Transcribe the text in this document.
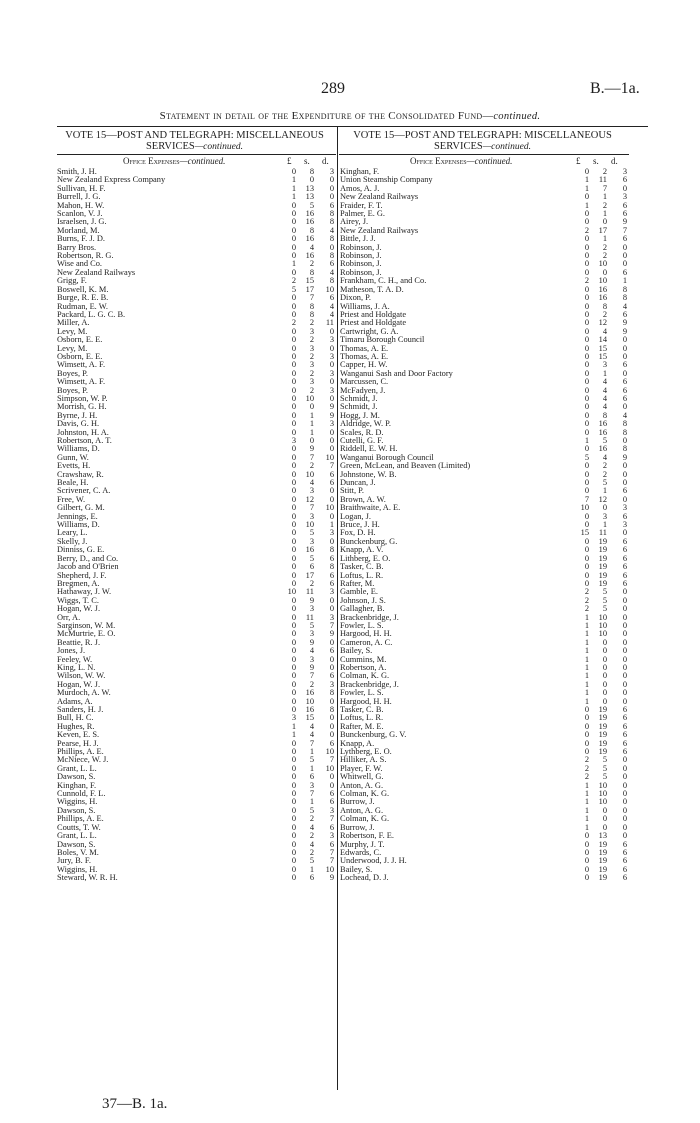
289	B.—1a.
Statement in detail of the Expenditure of the Consolidated Fund—continued.
VOTE 15—POST AND TELEGRAPH: MISCELLANEOUS
SERVICES—continued.
VOTE 15—POST AND TELEGRAPH: MISCELLANEOUS
SERVICES—continued.
Office Expenses—continued.	Office Expenses—continued.
£ s. d.	£ s. d.
Smith, J. H.	0	8	3
New Zealand Express Company	1	0	0
Sullivan, H. F.	1	13	0
Burrell, J. G.	1	13	0
Mahon, H. W.	0	5	6
Scanlon, V. J.	0	16	8
Israelsen, J. G.	0	16	8
Morland, M.	0	8	4
Burns, F. J. D.	0	16	8
Barry Bros.	0	4	0
Robertson, R. G.	0	16	8
Wise and Co.	1	2	6
New Zealand Railways	0	8	4
Grigg, F.	2	15	8
Boswell, K. M.	5	17	10
Burge, R. E. B.	0	7	6
Rudman, E. W.	0	8	4
Packard, L. G. C. B.	0	8	4
Miller, A.	2	2	11
Levy, M.	0	3	0
Osborn, E. E.	0	2	3
Levy, M.	0	3	0
Osborn, E. E.	0	2	3
Wimsett, A. F.	0	3	0
Boyes, P.	0	2	3
Wimsett, A. F.	0	3	0
Boyes, P.	0	2	3
Simpson, W. P.	0	10	0
Morrish, G. H.	0	0	9
Byrne, J. H.	0	1	9
Davis, G. H.	0	1	3
Johnston, H. A.	0	1	0
Robertson, A. T.	3	0	0
Williams, D.	0	9	0
Gunn, W.	0	7	10
Evetts, H.	0	2	7
Crawshaw, R.	0	10	6
Beale, H.	0	4	6
Scrivener, C. A.	0	3	0
Free, W.	0	12	0
Gilbert, G. M.	0	7	10
Jennings, E.	0	3	0
Williams, D.	0	10	1
Leary, L.	0	5	3
Skelly, J.	0	3	0
Dinniss, G. E.	0	16	8
Berry, D., and Co.	0	5	6
Jacob and O'Brien	0	6	8
Shepherd, J. F.	0	17	6
Bregmen, A.	0	2	6
Hathaway, J. W.	10	11	3
Wiggs, T. C.	0	9	0
Hogan, W. J.	0	3	0
Orr, A.	0	11	3
Sarginson, W. M.	0	5	7
McMurtrie, E. O.	0	3	9
Beattie, R. J.	0	9	0
Jones, J.	0	4	6
Feeley, W.	0	3	0
King, L. N.	0	9	0
Wilson, W. W.	0	7	6
Hogan, W. J.	0	2	3
Murdoch, A. W.	0	16	8
Adams, A.	0	10	0
Sanders, H. J.	0	16	8
Bull, H. C.	3	15	0
Hughes, R.	1	4	0
Keven, E. S.	1	4	0
Pearse, H. J.	0	7	6
Phillips, A. E.	0	1	10
McNiece, W. J.	0	5	7
Grant, L. L.	0	1	10
Dawson, S.	0	6	0
Kinghan, F.	0	3	0
Cunnold, F. L.	0	7	6
Wiggins, H.	0	1	6
Dawson, S.	0	5	3
Phillips, A. E.	0	2	7
Coutts, T. W.	0	4	6
Grant, L. L.	0	2	3
Dawson, S.	0	4	6
Boles, V. M.	0	2	7
Jury, B. F.	0	5	7
Wiggins, H.	0	1	10
Steward, W. R. H.	0	6	9
Kinghan, F.	0	2	3
Union Steamship Company	1	11	6
Amos, A. J.	1	7	0
New Zealand Railways	0	1	3
Fraider, F. T.	1	2	6
Palmer, E. G.	0	1	6
Airey, J.	0	0	9
New Zealand Railways	2	17	7
Bittle, J. J.	0	1	6
Robinson, J.	0	2	0
Robinson, J.	0	2	0
Robinson, J.	0	10	0
Robinson, J.	0	0	6
Frankham, C. H., and Co.	2	10	1
Matheson, T. A. D.	0	16	8
Dixon, P.	0	16	8
Williams, J. A.	0	8	4
Priest and Holdgate	0	2	6
Priest and Holdgate	0	12	9
Cartwright, G. A.	0	4	9
Timaru Borough Council	0	14	0
Thomas, A. E.	0	15	0
Thomas, A. E.	0	15	0
Capper, H. W.	0	3	6
Wanganui Sash and Door Factory	0	1	0
Marcussen, C.	0	4	6
McFadyen, J.	0	4	6
Schmidt, J.	0	4	6
Schmidt, J.	0	4	0
Hogg, J. M.	0	8	4
Aldridge, W. P.	0	16	8
Scales, R. D.	0	16	8
Cutelli, G. F.	1	5	0
Riddell, E. W. H.	0	16	8
Wanganui Borough Council	5	4	9
Green, McLean, and Beaven (Limited)	0	2	0
Johnstone, W. B.	0	2	0
Duncan, J.	0	5	0
Stitt, P.	0	1	6
Brown, A. W.	7	12	0
Braithwaite, A. E.	10	0	3
Logan, J.	0	3	6
Bruce, J. H.	0	1	3
Fox, D. H.	15	11	0
Bunckenburg, G.	0	19	6
Knapp, A. V.	0	19	6
Lithberg, E. O.	0	19	6
Tasker, C. B.	0	19	6
Loftus, L. R.	0	19	6
Rafter, M.	0	19	6
Gamble, E.	2	5	0
Johnson, J. S.	2	5	0
Gallagher, B.	2	5	0
Brackenbridge, J.	1	10	0
Fowler, L. S.	1	10	0
Hargood, H. H.	1	10	0
Cameron, A. C.	1	0	0
Bailey, S.	1	0	0
Cummins, M.	1	0	0
Robertson, A.	1	0	0
Colman, K. G.	1	0	0
Brackenbridge, J.	1	0	0
Fowler, L. S.	1	0	0
Hargood, H. H.	1	0	0
Tasker, C. B.	0	19	6
Loftus, L. R.	0	19	6
Rafter, M. E.	0	19	6
Bunckenburg, G. V.	0	19	6
Knapp, A.	0	19	6
Lythberg, E. O.	0	19	6
Hilliker, A. S.	2	5	0
Player, F. W.	2	5	0
Whitwell, G.	2	5	0
Anton, A. G.	1	10	0
Colman, K. G.	1	10	0
Burrow, J.	1	10	0
Anton, A. G.	1	0	0
Colman, K. G.	1	0	0
Burrow, J.	1	0	0
Robertson, F. E.	0	13	0
Murphy, J. T.	0	19	6
Edwards, C.	0	19	6
Underwood, J. J. H.	0	19	6
Bailey, S.	0	19	6
Lochead, D. J.	0	19	6
37—B. 1a.
